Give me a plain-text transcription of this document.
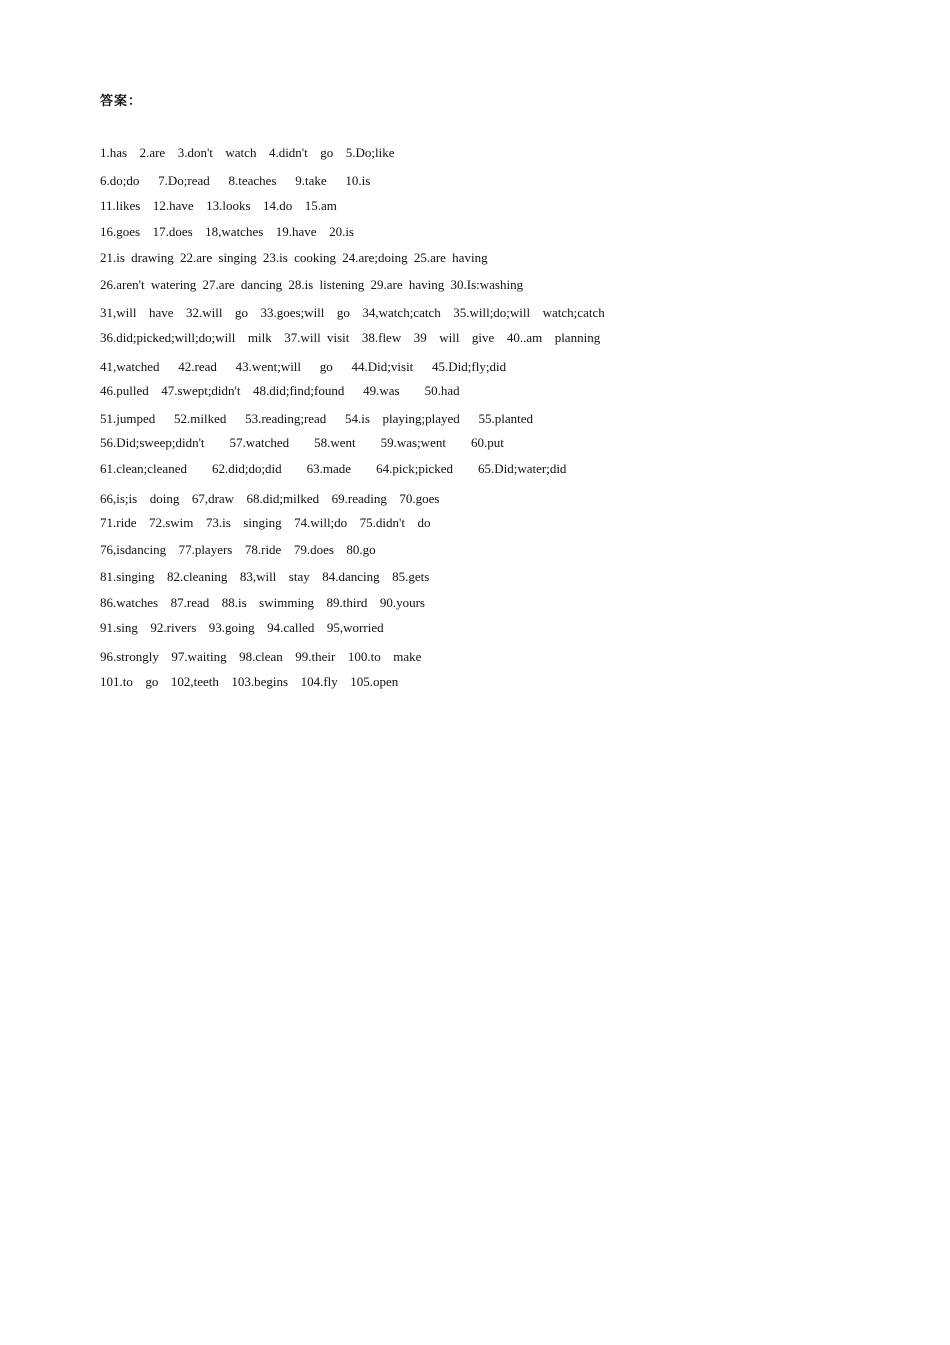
答案：
1.has  2.are  3.don't  watch  4.didn't  go  5.Do;like
6.do;do   7.Do;read   8.teaches   9.take   10.is
11.likes  12.have  13.looks  14.do  15.am
16.goes  17.does  18,watches  19.have  20.is
21.is drawing 22.are singing 23.is cooking 24.are;doing 25.are having
26.aren't watering 27.are dancing 28.is listening 29.are having 30.Is:washing
31,will  have  32.will  go  33.goes;will  go  34,watch;catch  35.will;do;will  watch;catch
36.did;picked;will;do;will  milk  37.will visit  38.flew  39  will  give  40..am  planning
41,watched   42.read   43.went;will   go   44.Did;visit   45.Did;fly;did
46.pulled  47.swept;didn't  48.did;find;found   49.was    50.had
51.jumped   52.milked   53.reading;read   54.is  playing;played   55.planted
56.Did;sweep;didn't    57.watched    58.went    59.was;went    60.put
61.clean;cleaned    62.did;do;did    63.made    64.pick;picked    65.Did;water;did
66,is;is  doing  67,draw  68.did;milked  69.reading  70.goes
71.ride  72.swim  73.is  singing  74.will;do  75.didn't  do
76,isdancing  77.players  78.ride  79.does  80.go
81.singing  82.cleaning  83,will  stay  84.dancing  85.gets
86.watches  87.read  88.is  swimming  89.third  90.yours
91.sing  92.rivers  93.going  94.called  95,worried
96.strongly  97.waiting  98.clean  99.their  100.to  make
101.to  go  102,teeth  103.begins  104.fly  105.open
